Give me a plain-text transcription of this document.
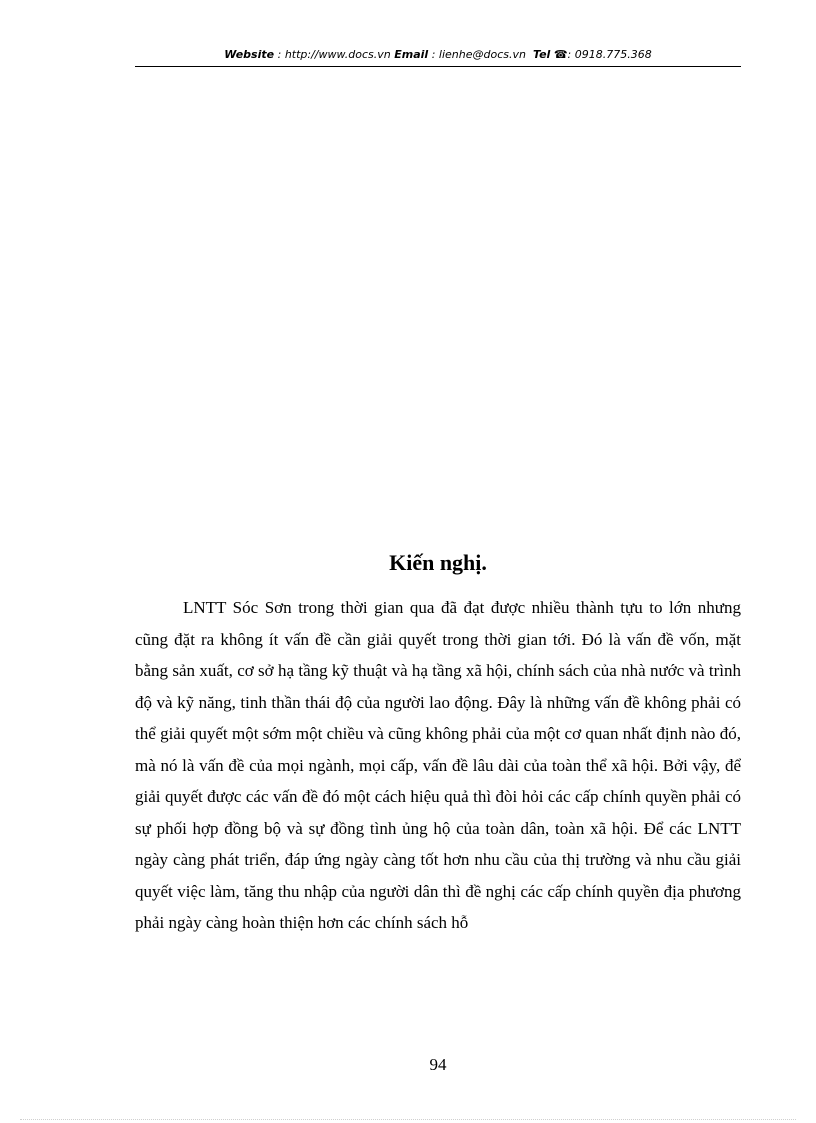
Website : http://www.docs.vn Email : lienhe@docs.vn Tel ☎: 0918.775.368
Kiến nghị.
LNTT Sóc Sơn trong thời gian qua đã đạt được nhiều thành tựu to lớn nhưng cũng đặt ra không ít vấn đề cần giải quyết trong thời gian tới. Đó là vấn đề vốn, mặt bằng sản xuất, cơ sở hạ tầng kỹ thuật và hạ tầng xã hội, chính sách của nhà nước và trình độ và kỹ năng, tinh thần thái độ của người lao động. Đây là những vấn đề không phải có thể giải quyết một sớm một chiều và cũng không phải của một cơ quan nhất định nào đó, mà nó là vấn đề của mọi ngành, mọi cấp, vấn đề lâu dài của toàn thể xã hội. Bởi vậy, để giải quyết được các vấn đề đó một cách hiệu quả thì đòi hỏi các cấp chính quyền phải có sự phối hợp đồng bộ và sự đồng tình ủng hộ của toàn dân, toàn xã hội. Để các LNTT ngày càng phát triển, đáp ứng ngày càng tốt hơn nhu cầu của thị trường và nhu cầu giải quyết việc làm, tăng thu nhập của người dân thì đề nghị các cấp chính quyền địa phương phải ngày càng hoàn thiện hơn các chính sách hỗ
94
